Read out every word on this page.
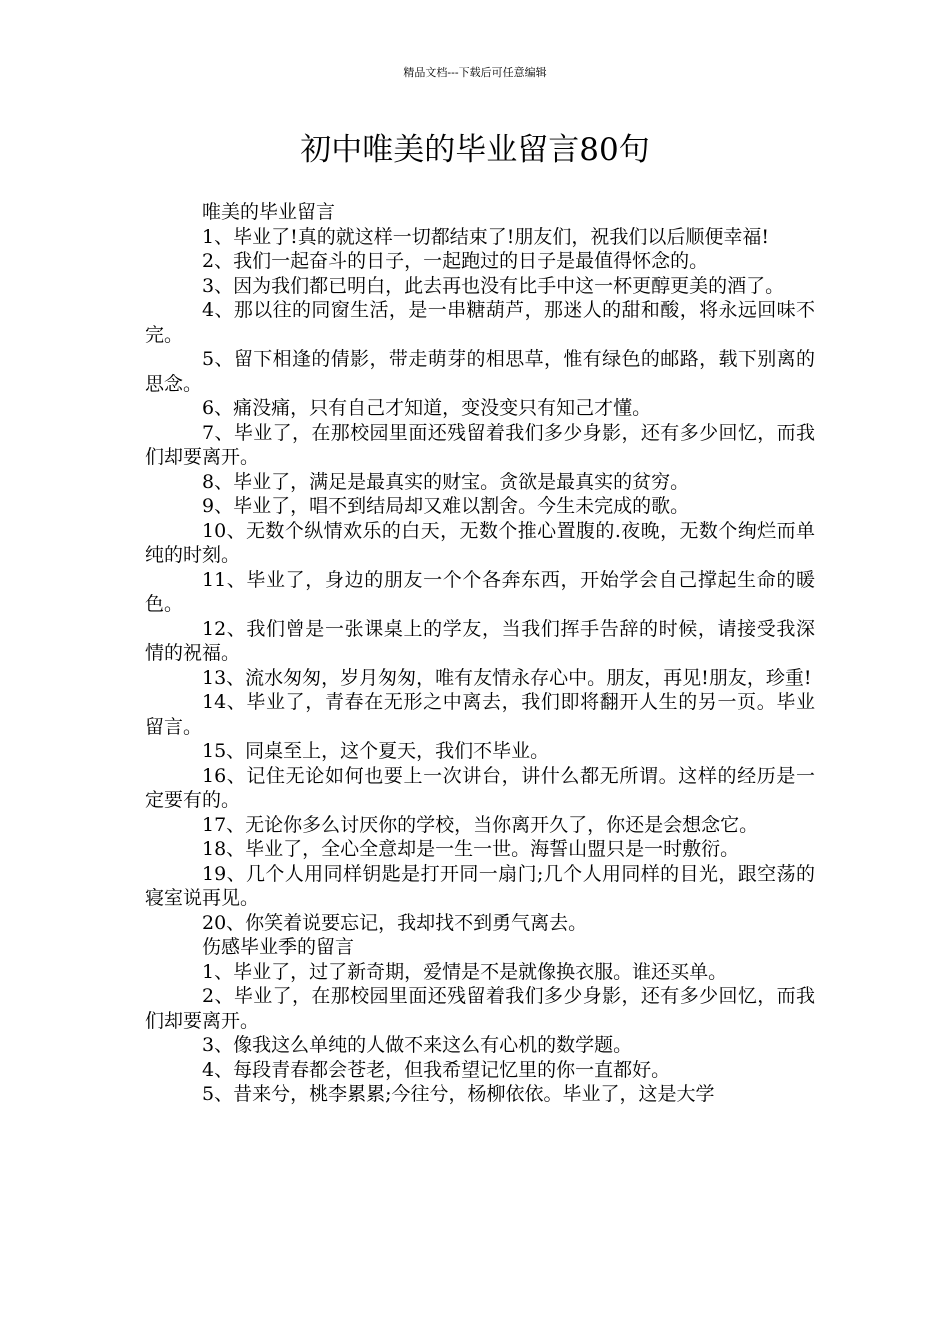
精品文档---下载后可任意编辑
初中唯美的毕业留言80句

唯美的毕业留言

1、毕业了!真的就这样一切都结束了!朋友们，祝我们以后顺便幸福!

2、我们一起奋斗的日子，一起跑过的日子是最值得怀念的。

3、因为我们都已明白，此去再也没有比手中这一杯更醇更美的酒了。

4、那以往的同窗生活，是一串糖葫芦，那迷人的甜和酸，将永远回味不完。

5、留下相逢的倩影，带走萌芽的相思草，惟有绿色的邮路，载下别离的思念。

6、痛没痛，只有自己才知道，变没变只有知己才懂。

7、毕业了，在那校园里面还残留着我们多少身影，还有多少回忆，而我们却要离开。

8、毕业了，满足是最真实的财宝。贪欲是最真实的贫穷。

9、毕业了，唱不到结局却又难以割舍。今生未完成的歌。

10、无数个纵情欢乐的白天，无数个推心置腹的.夜晚，无数个绚烂而单纯的时刻。

11、毕业了，身边的朋友一个个各奔东西，开始学会自己撑起生命的暖色。

12、我们曾是一张课桌上的学友，当我们挥手告辞的时候，请接受我深情的祝福。

13、流水匆匆，岁月匆匆，唯有友情永存心中。朋友，再见!朋友，珍重!

14、毕业了，青春在无形之中离去，我们即将翻开人生的另一页。毕业留言。

15、同桌至上，这个夏天，我们不毕业。

16、记住无论如何也要上一次讲台，讲什么都无所谓。这样的经历是一定要有的。

17、无论你多么讨厌你的学校，当你离开久了，你还是会想念它。

18、毕业了，全心全意却是一生一世。海誓山盟只是一时敷衍。

19、几个人用同样钥匙是打开同一扇门;几个人用同样的目光，跟空荡的寝室说再见。

20、你笑着说要忘记，我却找不到勇气离去。

伤感毕业季的留言

1、毕业了，过了新奇期，爱情是不是就像换衣服。谁还买单。

2、毕业了，在那校园里面还残留着我们多少身影，还有多少回忆，而我们却要离开。

3、像我这么单纯的人做不来这么有心机的数学题。

4、每段青春都会苍老，但我希望记忆里的你一直都好。

5、昔来兮，桃李累累;今往兮，杨柳依依。毕业了，这是大学
